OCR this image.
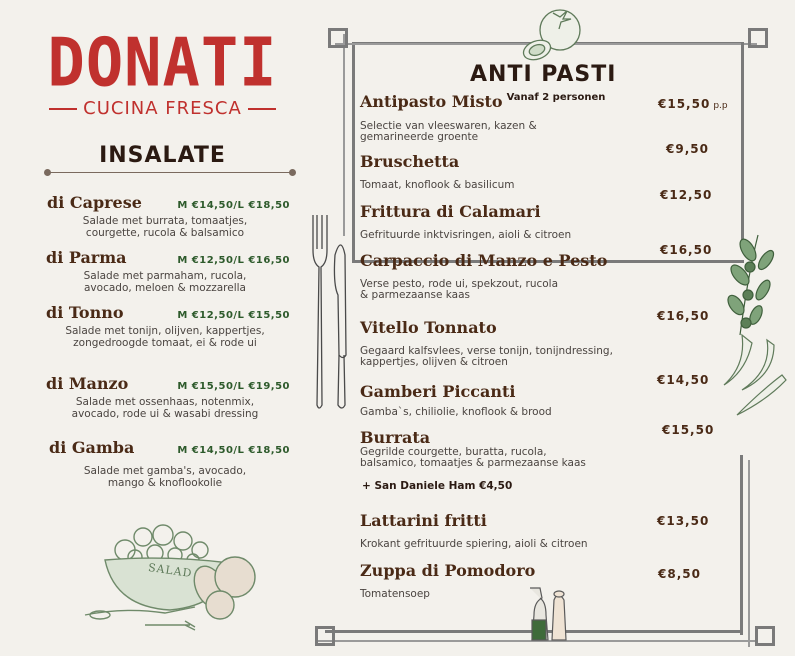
DONATI
CUCINA FRESCA
INSALATE
di Caprese	M €14,50/L €18,50
Salade met burrata, tomaatjes,
courgette, rucola & balsamico
di Parma	M €12,50/L €16,50
Salade met parmaham, rucola,
avocado, meloen & mozzarella
di Tonno	M €12,50/L €15,50
Salade met tonijn, olijven, kappertjes,
zongedroogde tomaat, ei & rode ui
di Manzo	M €15,50/L €19,50
Salade met ossenhaas, notenmix,
avocado, rode ui & wasabi dressing
di Gamba	M €14,50/L €18,50
Salade met gamba's, avocado,
mango & knoflookolie
SALAD
ANTI PASTI
Antipasto Misto $^{Vanaf 2 personen}$
Selectie van vleeswaren, kazen &
gemarineerde groente
€15,50 p.p
Bruschetta
Tomaat, knoflook & basilicum
€9,50
Frittura di Calamari
Gefrituurde inktvisringen, aioli & citroen
€12,50
Carpaccio di Manzo e Pesto
Verse pesto, rode ui, spekzout, rucola
& parmezaanse kaas
€16,50
Vitello Tonnato
Gegaard kalfsvlees, verse tonijn, tonijndressing,
kappertjes, olijven & citroen
€16,50
Gamberi Piccanti
Gamba`s, chiliolie, knoflook & brood
€14,50
Burrata
Gegrilde courgette, buratta, rucola,
balsamico, tomaatjes & parmezaanse kaas
€15,50
+ San Daniele Ham €4,50
Lattarini fritti
Krokant gefrituurde spiering, aioli & citroen
€13,50
Zuppa di Pomodoro
Tomatensoep
€8,50
